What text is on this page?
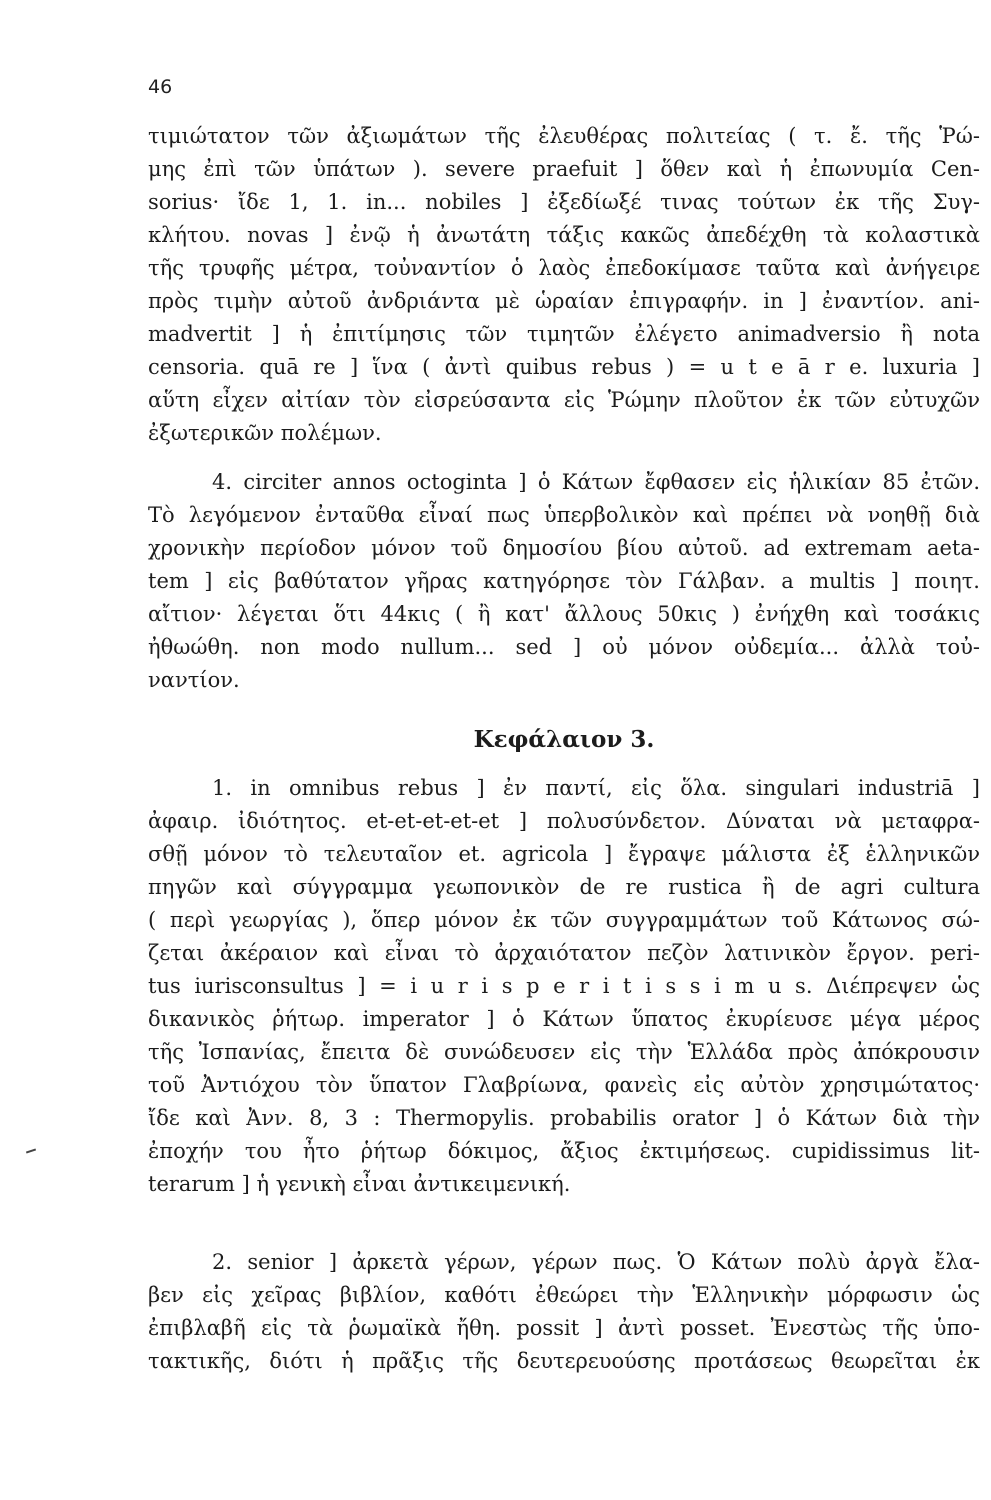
46
τιμιώτατον τῶν ἀξιωμάτων τῆς ἐλευθέρας πολιτείας ( τ. ἔ. τῆς Ῥώ-
μης ἐπὶ τῶν ὑπάτων ). severe praefuit ] ὅθεν καὶ ἡ ἐπωνυμία Cen-
sorius· ἴδε 1, 1. in... nobiles ] ἐξεδίωξέ τινας τούτων ἐκ τῆς Συγ-
κλήτου. novas ] ἐνῷ ἡ ἀνωτάτη τάξις κακῶς ἀπεδέχθη τὰ κολαστικὰ
τῆς τρυφῆς μέτρα, τοὐναντίον ὁ λαὸς ἐπεδοκίμασε ταῦτα καὶ ἀνήγειρε
πρὸς τιμὴν αὐτοῦ ἀνδριάντα μὲ ὡραίαν ἐπιγραφήν. in ] ἐναντίον. ani-
madvertit ] ἡ ἐπιτίμησις τῶν τιμητῶν ἐλέγετο animadversio ἢ nota
censoria. quā re ] ἵνα ( ἀντὶ quibus rebus ) = u t e ā r e. luxuria ]
αὕτη εἶχεν αἰτίαν τὸν εἰσρεύσαντα εἰς Ῥώμην πλοῦτον ἐκ τῶν εὐτυχῶν
ἐξωτερικῶν πολέμων.
4. circiter annos octoginta ] ὁ Κάτων ἔφθασεν εἰς ἡλικίαν 85 ἐτῶν.
Τὸ λεγόμενον ἐνταῦθα εἶναί πως ὑπερβολικὸν καὶ πρέπει νὰ νοηθῇ διὰ
χρονικὴν περίοδον μόνον τοῦ δημοσίου βίου αὐτοῦ. ad extremam aeta-
tem ] εἰς βαθύτατον γῆρας κατηγόρησε τὸν Γάλβαν. a multis ] ποιητ.
αἴτιον· λέγεται ὅτι 44κις ( ἢ κατ' ἄλλους 50κις ) ἐνήχθη καὶ τοσάκις
ἠθωώθη. non modo nullum... sed ] οὐ μόνον οὐδεμία... ἀλλὰ τοὐ-
ναντίον.
Κεφάλαιον 3.
1. in omnibus rebus ] ἐν παντί, εἰς ὅλα. singulari industriā ]
ἀφαιρ. ἰδιότητος. et-et-et-et-et ] πολυσύνδετον. Δύναται νὰ μεταφρα-
σθῇ μόνον τὸ τελευταῖον et. agricola ] ἔγραψε μάλιστα ἐξ ἑλληνικῶν
πηγῶν καὶ σύγγραμμα γεωπονικὸν de re rustica ἢ de agri cultura
( περὶ γεωργίας ), ὅπερ μόνον ἐκ τῶν συγγραμμάτων τοῦ Κάτωνος σώ-
ζεται ἀκέραιον καὶ εἶναι τὸ ἀρχαιότατον πεζὸν λατινικὸν ἔργον. peri-
tus iurisconsultus ] = i u r i s p e r i t i s s i m u s. Διέπρεψεν ὡς
δικανικὸς ῥήτωρ. imperator ] ὁ Κάτων ὕπατος ἐκυρίευσε μέγα μέρος
τῆς Ἰσπανίας, ἔπειτα δὲ συνώδευσεν εἰς τὴν Ἑλλάδα πρὸς ἀπόκρουσιν
τοῦ Ἀντιόχου τὸν ὕπατον Γλαβρίωνα, φανεὶς εἰς αὐτὸν χρησιμώτατος·
ἴδε καὶ Ἀνν. 8, 3 : Thermopylis. probabilis orator ] ὁ Κάτων διὰ τὴν
ἐποχήν του ἦτο ῥήτωρ δόκιμος, ἄξιος ἐκτιμήσεως. cupidissimus lit-
terarum ] ἡ γενικὴ εἶναι ἀντικειμενική.
2. senior ] ἀρκετὰ γέρων, γέρων πως. Ὁ Κάτων πολὺ ἀργὰ ἔλα-
βεν εἰς χεῖρας βιβλίον, καθότι ἐθεώρει τὴν Ἑλληνικὴν μόρφωσιν ὡς
ἐπιβλαβῆ εἰς τὰ ῥωμαϊκὰ ἤθη. possit ] ἀντὶ posset. Ἐνεστὼς τῆς ὑπο-
τακτικῆς, διότι ἡ πρᾶξις τῆς δευτερευούσης προτάσεως θεωρεῖται ἐκ
